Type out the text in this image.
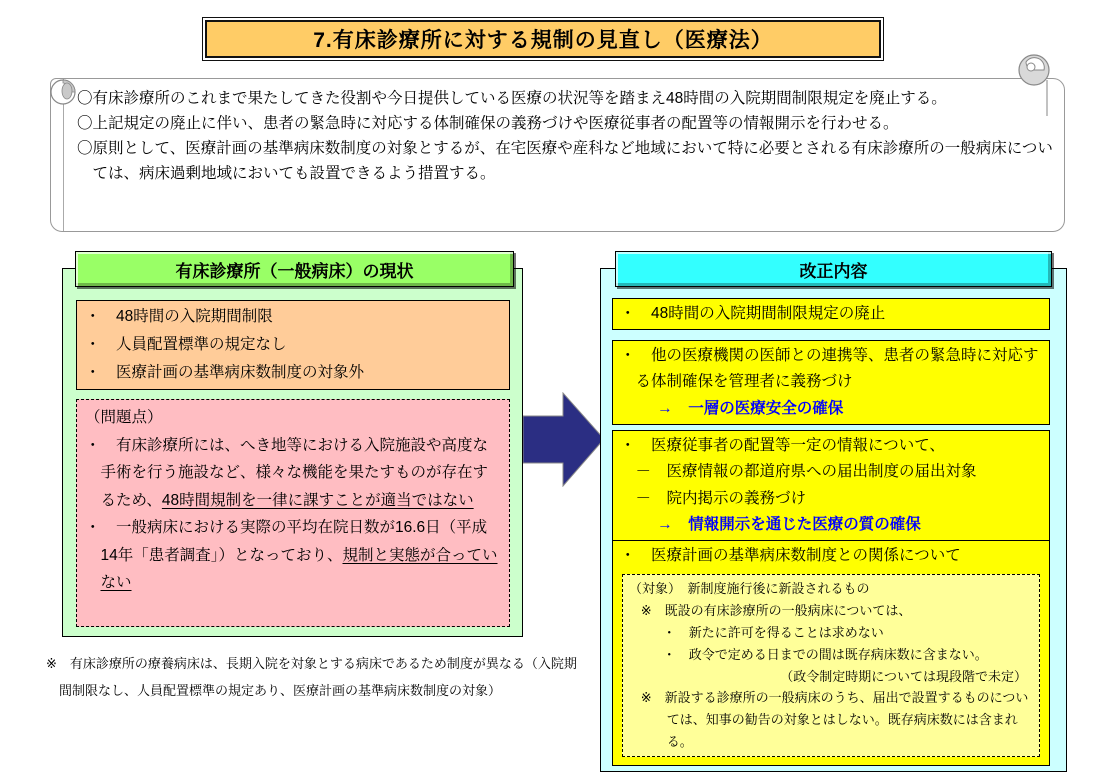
7.有床診療所に対する規制の見直し（医療法）
〇有床診療所のこれまで果たしてきた役割や今日提供している医療の状況等を踏まえ48時間の入院期間制限規定を廃止する。
〇上記規定の廃止に伴い、患者の緊急時に対応する体制確保の義務づけや医療従事者の配置等の情報開示を行わせる。
〇原則として、医療計画の基準病床数制度の対象とするが、在宅医療や産科など地域において特に必要とされる有床診療所の一般病床については、病床過剰地域においても設置できるよう措置する。
有床診療所（一般病床）の現状
・　48時間の入院期間制限
・　人員配置標準の規定なし
・　医療計画の基準病床数制度の対象外
（問題点）
・　有床診療所には、へき地等における入院施設や高度な手術を行う施設など、様々な機能を果たすものが存在するため、48時間規制を一律に課すことが適当ではない
・　一般病床における実際の平均在院日数が16.6日（平成14年「患者調査」）となっており、規制と実態が合っていない
改正内容
・　48時間の入院期間制限規定の廃止
・　他の医療機関の医師との連携等、患者の緊急時に対応する体制確保を管理者に義務づけ
→　一層の医療安全の確保
・　医療従事者の配置等一定の情報について、
－　医療情報の都道府県への届出制度の届出対象
－　院内掲示の義務づけ
→　情報開示を通じた医療の質の確保
・　医療計画の基準病床数制度との関係について
（対象）　新制度施行後に新設されるもの
※　既設の有床診療所の一般病床については、
・　新たに許可を得ることは求めない
・　政令で定める日までの間は既存病床数に含まない。
（政令制定時期については現段階で未定）
※　新設する診療所の一般病床のうち、届出で設置するものについては、知事の勧告の対象とはしない。既存病床数には含まれる。
※　有床診療所の療養病床は、長期入院を対象とする病床であるため制度が異なる（入院期間制限なし、人員配置標準の規定あり、医療計画の基準病床数制度の対象）
